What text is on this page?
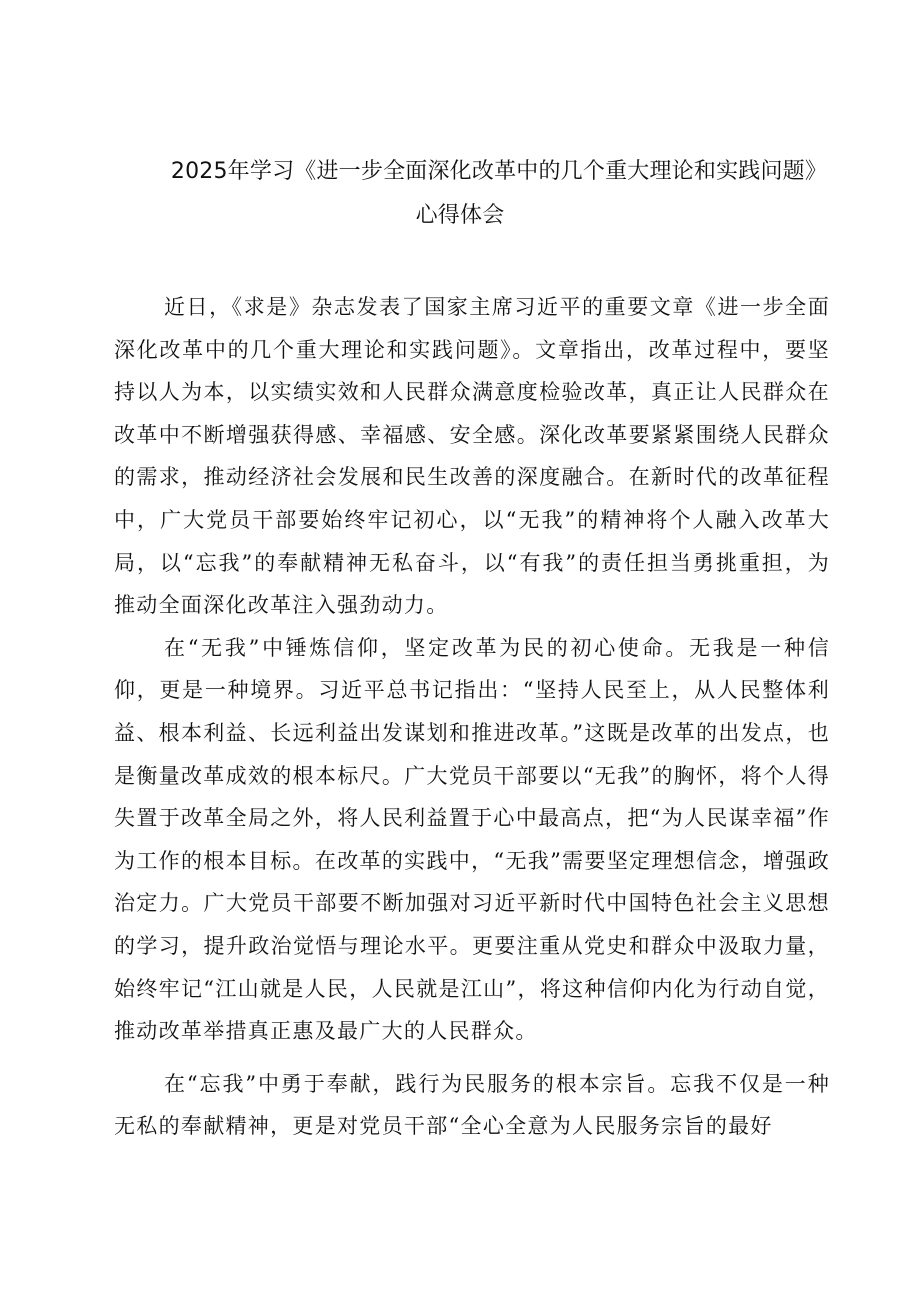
2025年学习《进一步全面深化改革中的几个重大理论和实践问题》
心得体会

近日，《求是》杂志发表了国家主席习近平的重要文章《进一步全面深化改革中的几个重大理论和实践问题》。文章指出，改革过程中，要坚持以人为本，以实绩实效和人民群众满意度检验改革，真正让人民群众在改革中不断增强获得感、幸福感、安全感。深化改革要紧紧围绕人民群众的需求，推动经济社会发展和民生改善的深度融合。在新时代的改革征程中，广大党员干部要始终牢记初心，以“无我”的精神将个人融入改革大局，以“忘我”的奉献精神无私奋斗，以“有我”的责任担当勇挑重担，为推动全面深化改革注入强劲动力。

在“无我”中锤炼信仰，坚定改革为民的初心使命。无我是一种信仰，更是一种境界。习近平总书记指出：“坚持人民至上，从人民整体利益、根本利益、长远利益出发谋划和推进改革。”这既是改革的出发点，也是衡量改革成效的根本标尺。广大党员干部要以“无我”的胸怀，将个人得失置于改革全局之外，将人民利益置于心中最高点，把“为人民谋幸福”作为工作的根本目标。在改革的实践中，“无我”需要坚定理想信念，增强政治定力。广大党员干部要不断加强对习近平新时代中国特色社会主义思想的学习，提升政治觉悟与理论水平。更要注重从党史和群众中汲取力量，始终牢记“江山就是人民，人民就是江山”，将这种信仰内化为行动自觉，推动改革举措真正惠及最广大的人民群众。

在“忘我”中勇于奉献，践行为民服务的根本宗旨。忘我不仅是一种无私的奉献精神，更是对党员干部“全心全意为人民服务宗旨的最好
